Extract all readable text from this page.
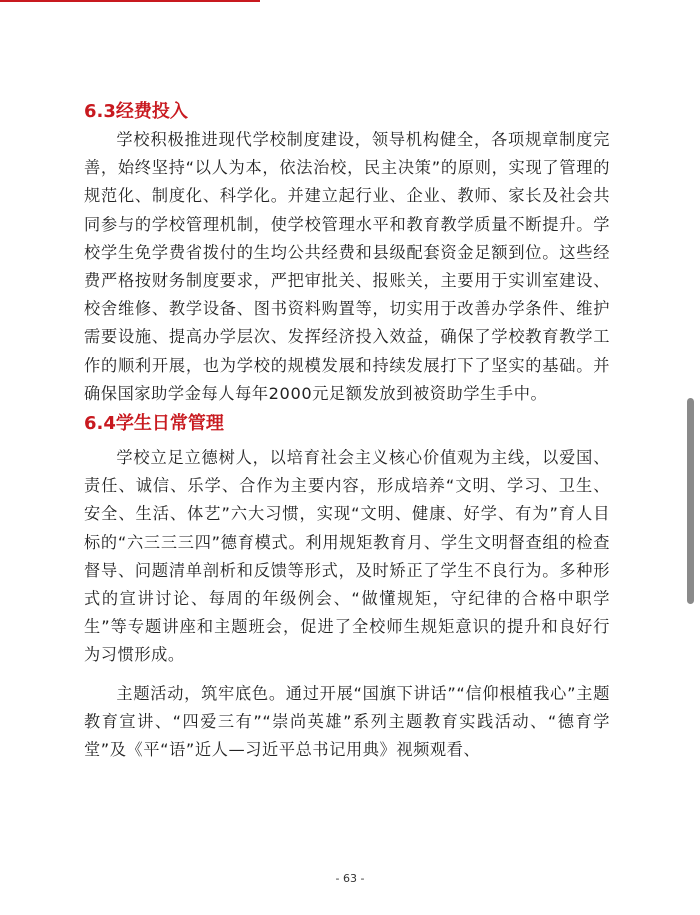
6.3经费投入

学校积极推进现代学校制度建设，领导机构健全，各项规章制度完善，始终坚持“以人为本，依法治校，民主决策”的原则，实现了管理的规范化、制度化、科学化。并建立起行业、企业、教师、家长及社会共同参与的学校管理机制，使学校管理水平和教育教学质量不断提升。学校学生免学费省拨付的生均公共经费和县级配套资金足额到位。这些经费严格按财务制度要求，严把审批关、报账关，主要用于实训室建设、校舍维修、教学设备、图书资料购置等，切实用于改善办学条件、维护需要设施、提高办学层次、发挥经济投入效益，确保了学校教育教学工作的顺利开展，也为学校的规模发展和持续发展打下了坚实的基础。并确保国家助学金每人每年2000元足额发放到被资助学生手中。

6.4学生日常管理

学校立足立德树人，以培育社会主义核心价值观为主线，以爱国、责任、诚信、乐学、合作为主要内容，形成培养“文明、学习、卫生、安全、生活、体艺”六大习惯，实现“文明、健康、好学、有为”育人目标的“六三三三四”德育模式。利用规矩教育月、学生文明督查组的检查督导、问题清单剖析和反馈等形式，及时矫正了学生不良行为。多种形式的宣讲讨论、每周的年级例会、“做懂规矩，守纪律的合格中职学生”等专题讲座和主题班会，促进了全校师生规矩意识的提升和良好行为习惯形成。

主题活动，筑牢底色。通过开展“国旗下讲话”“信仰根植我心”主题教育宣讲、“四爱三有”“崇尚英雄”系列主题教育实践活动、“德育学堂”及《平“语”近人—习近平总书记用典》视频观看、

- 63 -
